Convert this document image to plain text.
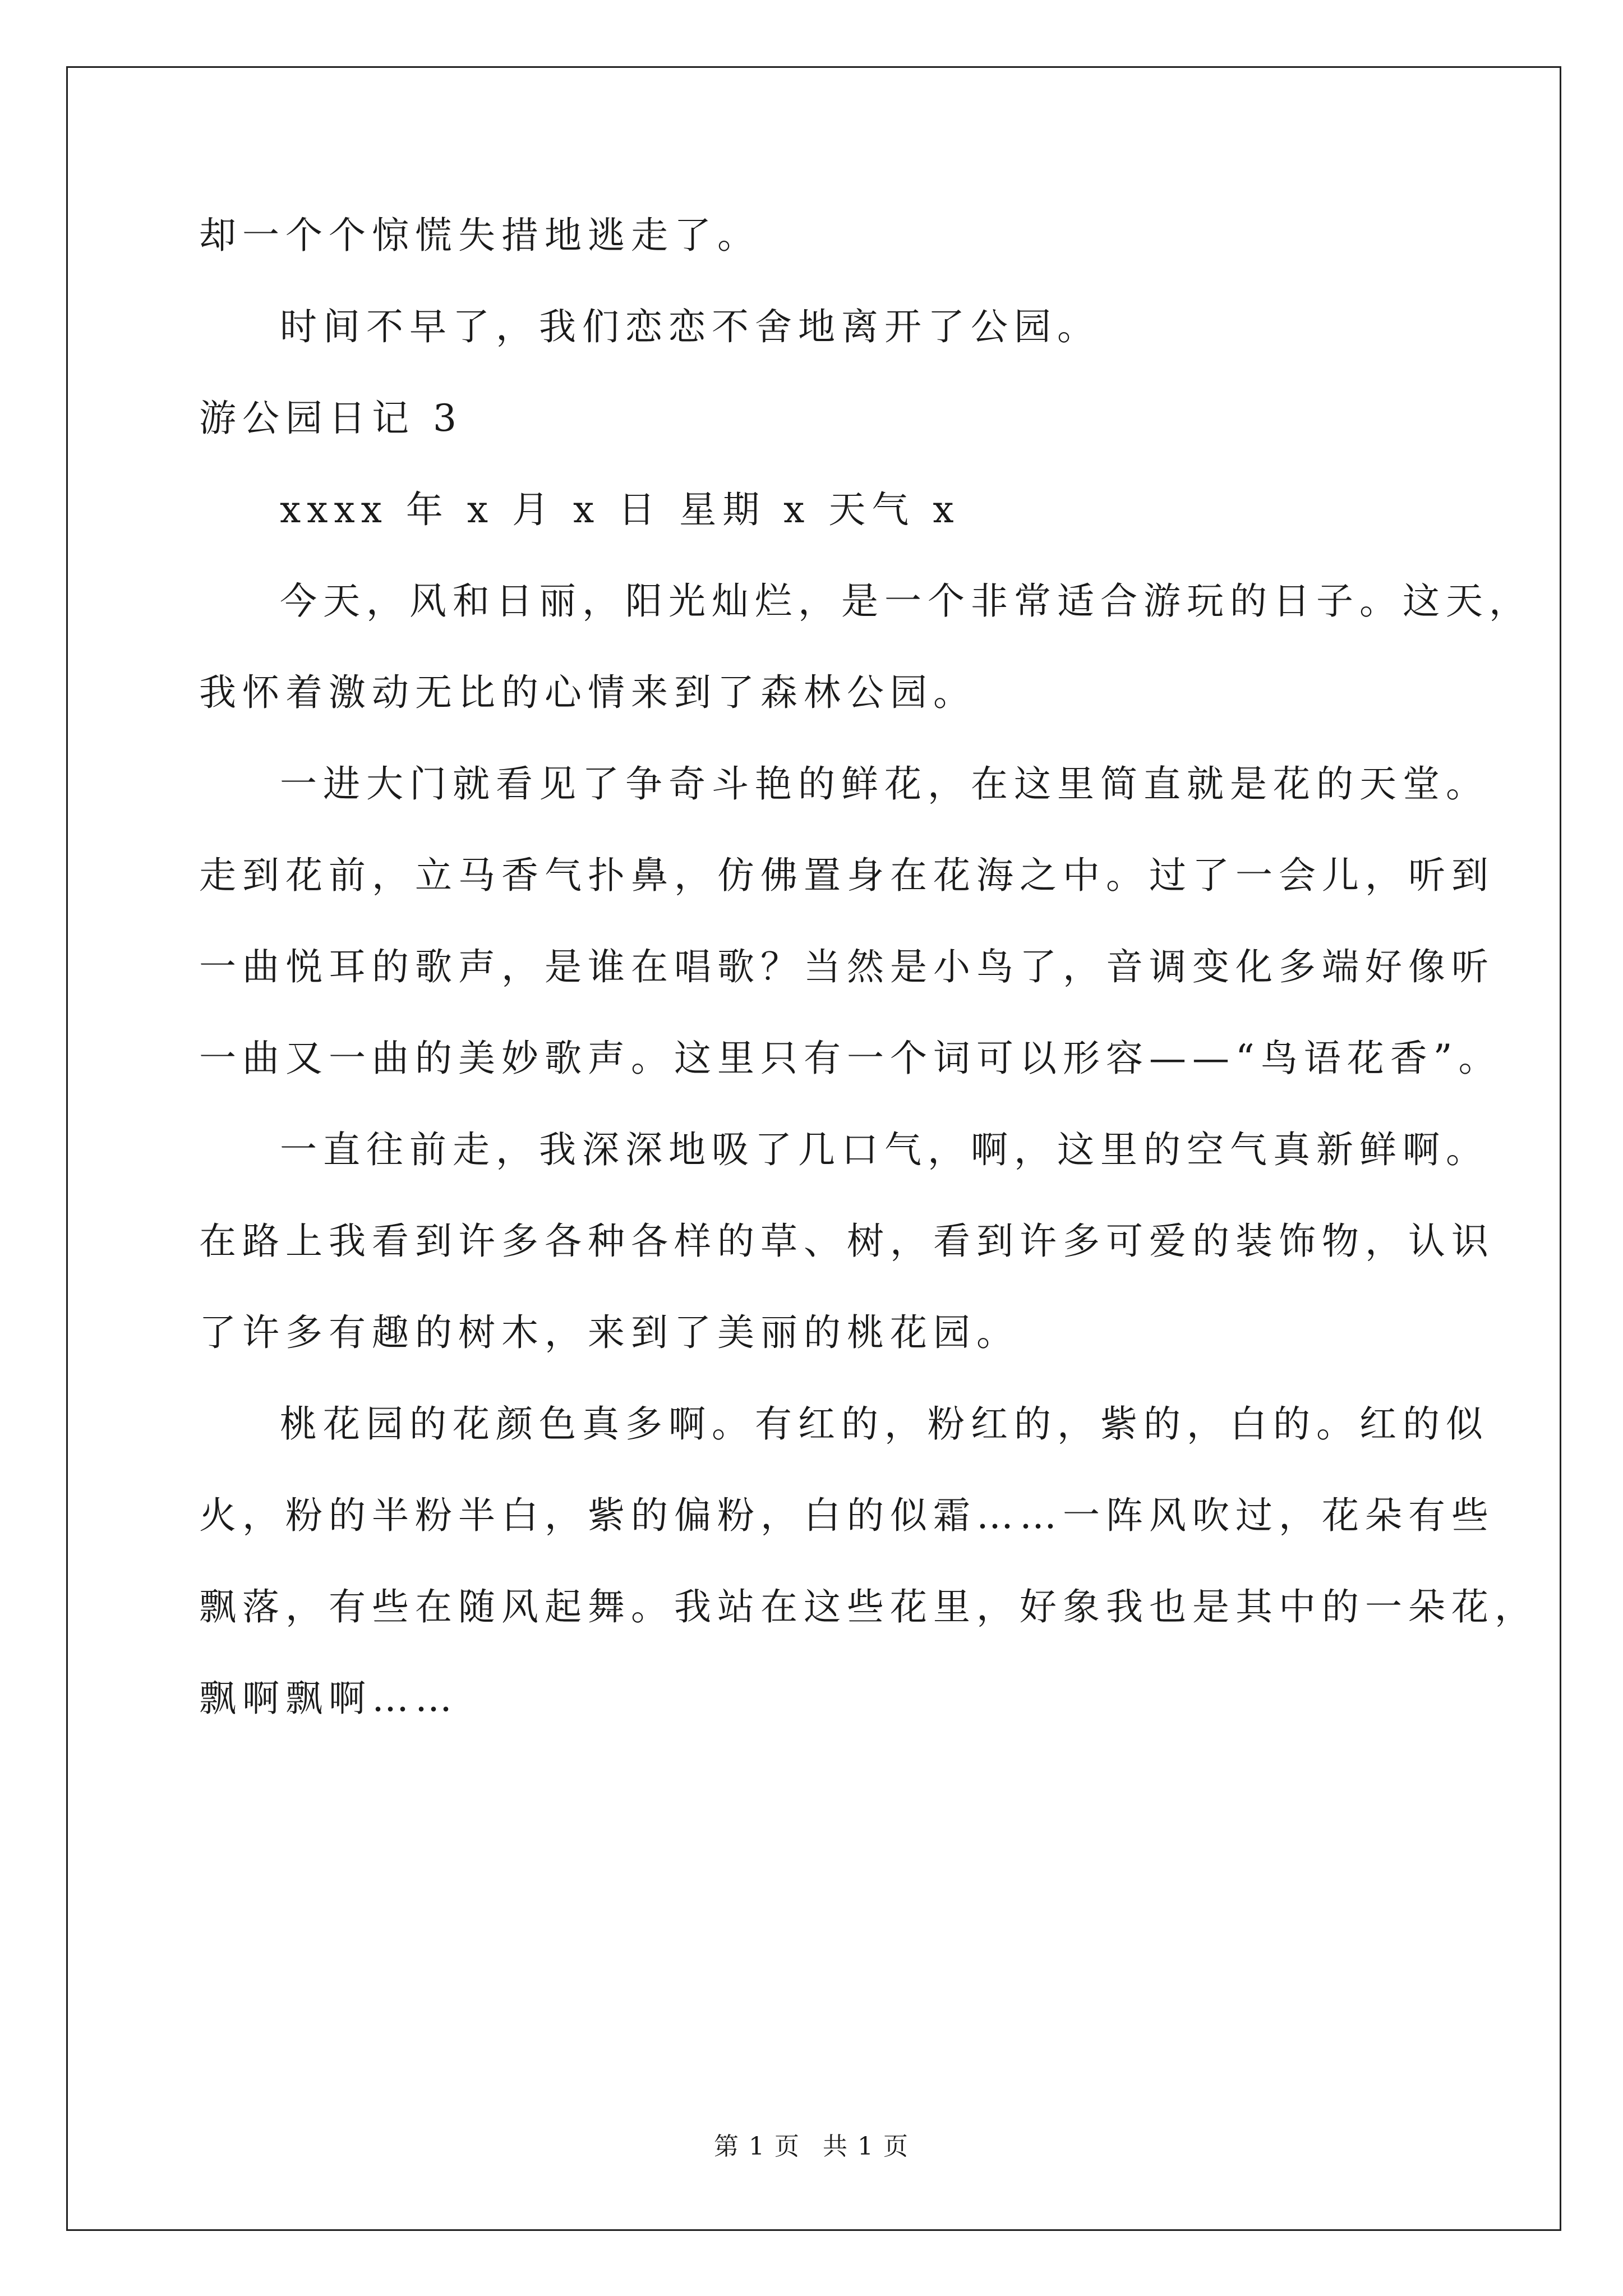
却一个个惊慌失措地逃走了。
时间不早了，我们恋恋不舍地离开了公园。
游公园日记 3
xxxx 年 x 月 x 日 星期 x 天气 x
今天，风和日丽，阳光灿烂，是一个非常适合游玩的日子。这天，
我怀着激动无比的心情来到了森林公园。
一进大门就看见了争奇斗艳的鲜花，在这里简直就是花的天堂。
走到花前，立马香气扑鼻，仿佛置身在花海之中。过了一会儿，听到
一曲悦耳的歌声，是谁在唱歌？当然是小鸟了，音调变化多端好像听
一曲又一曲的美妙歌声。这里只有一个词可以形容——“鸟语花香”。
一直往前走，我深深地吸了几口气，啊，这里的空气真新鲜啊。
在路上我看到许多各种各样的草、树，看到许多可爱的装饰物，认识
了许多有趣的树木，来到了美丽的桃花园。
桃花园的花颜色真多啊。有红的，粉红的，紫的，白的。红的似
火，粉的半粉半白，紫的偏粉，白的似霜……一阵风吹过，花朵有些
飘落，有些在随风起舞。我站在这些花里，好象我也是其中的一朵花，
飘啊飘啊……
第 1 页 共 1 页
